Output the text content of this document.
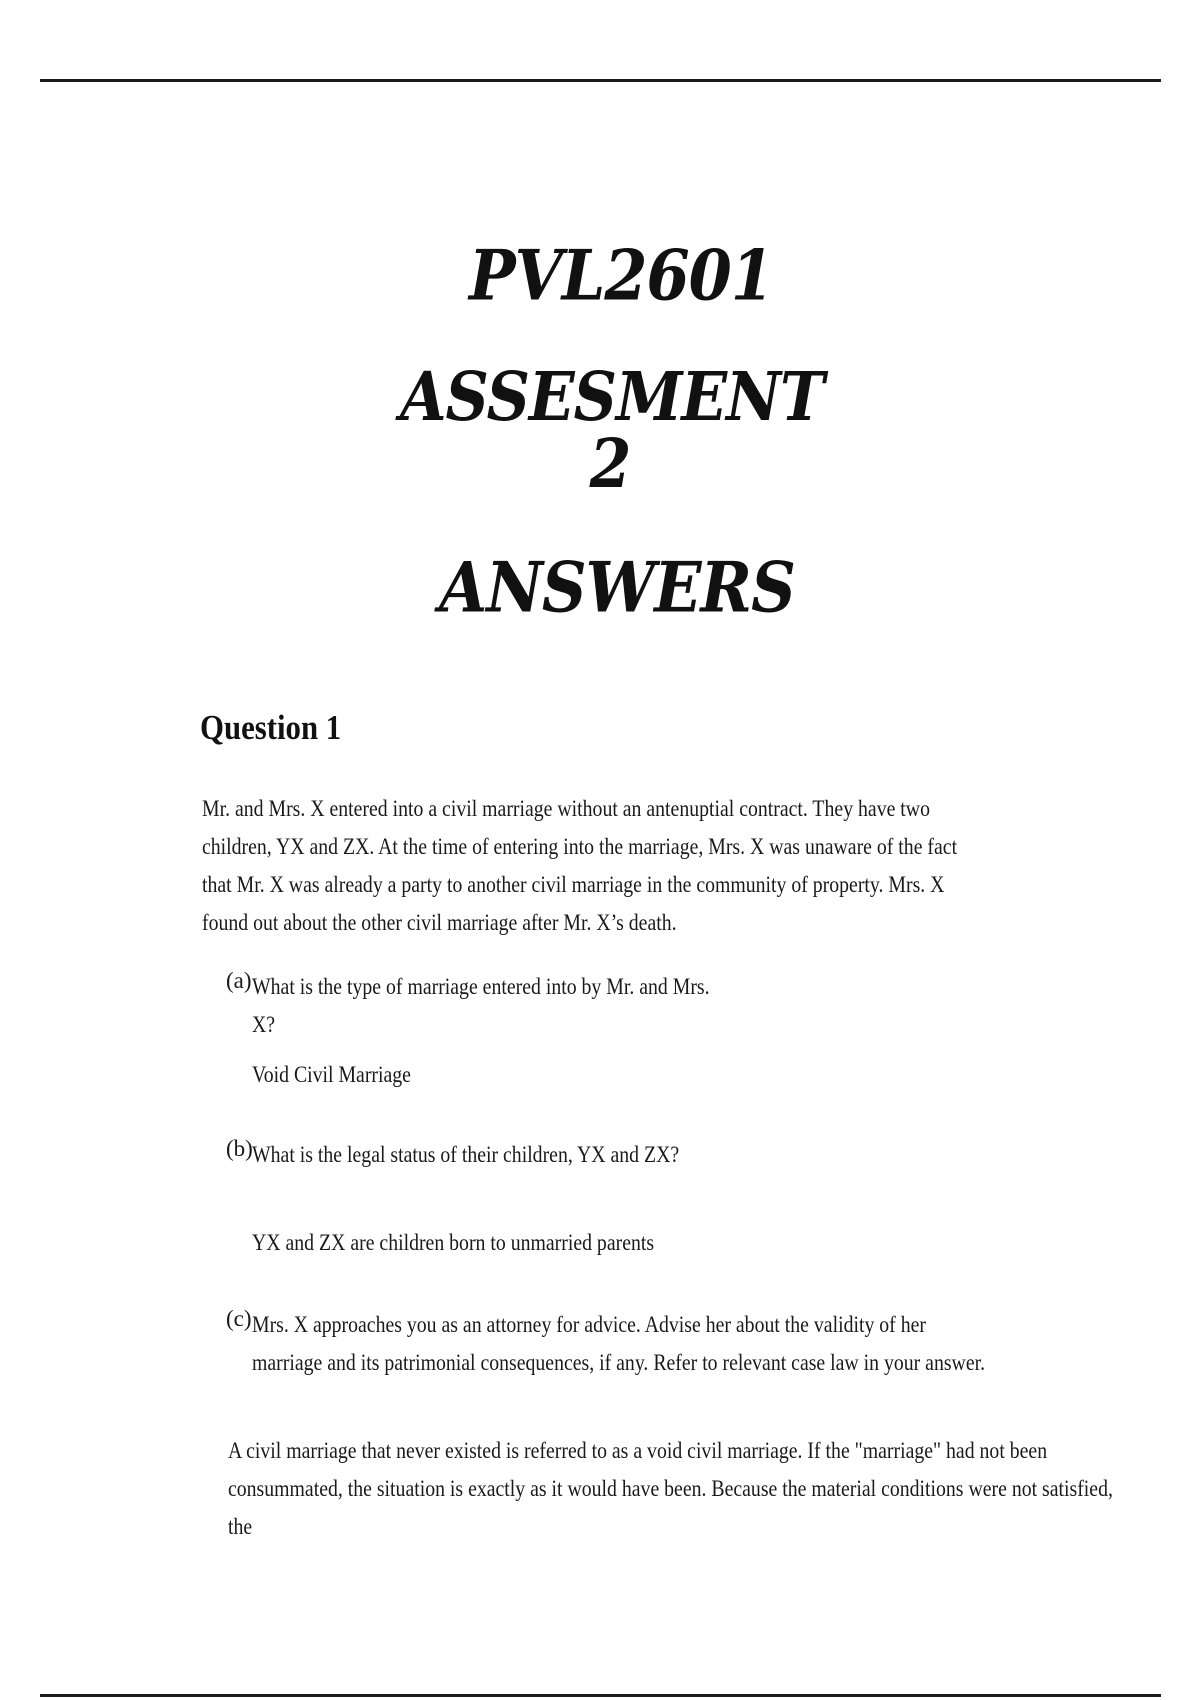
PVL2601
ASSESMENT 2
ANSWERS
Question 1
Mr. and Mrs. X entered into a civil marriage without an antenuptial contract. They have two children, YX and ZX. At the time of entering into the marriage, Mrs. X was unaware of the fact that Mr. X was already a party to another civil marriage in the community of property. Mrs. X found out about the other civil marriage after Mr. X’s death.
(a) What is the type of marriage entered into by Mr. and Mrs. X?
Void Civil Marriage
(b) What is the legal status of their children, YX and ZX?
YX and ZX are children born to unmarried parents
(c) Mrs. X approaches you as an attorney for advice. Advise her about the validity of her marriage and its patrimonial consequences, if any. Refer to relevant case law in your answer.
A civil marriage that never existed is referred to as a void civil marriage. If the "marriage" had not been consummated, the situation is exactly as it would have been. Because the material conditions were not satisfied, the
